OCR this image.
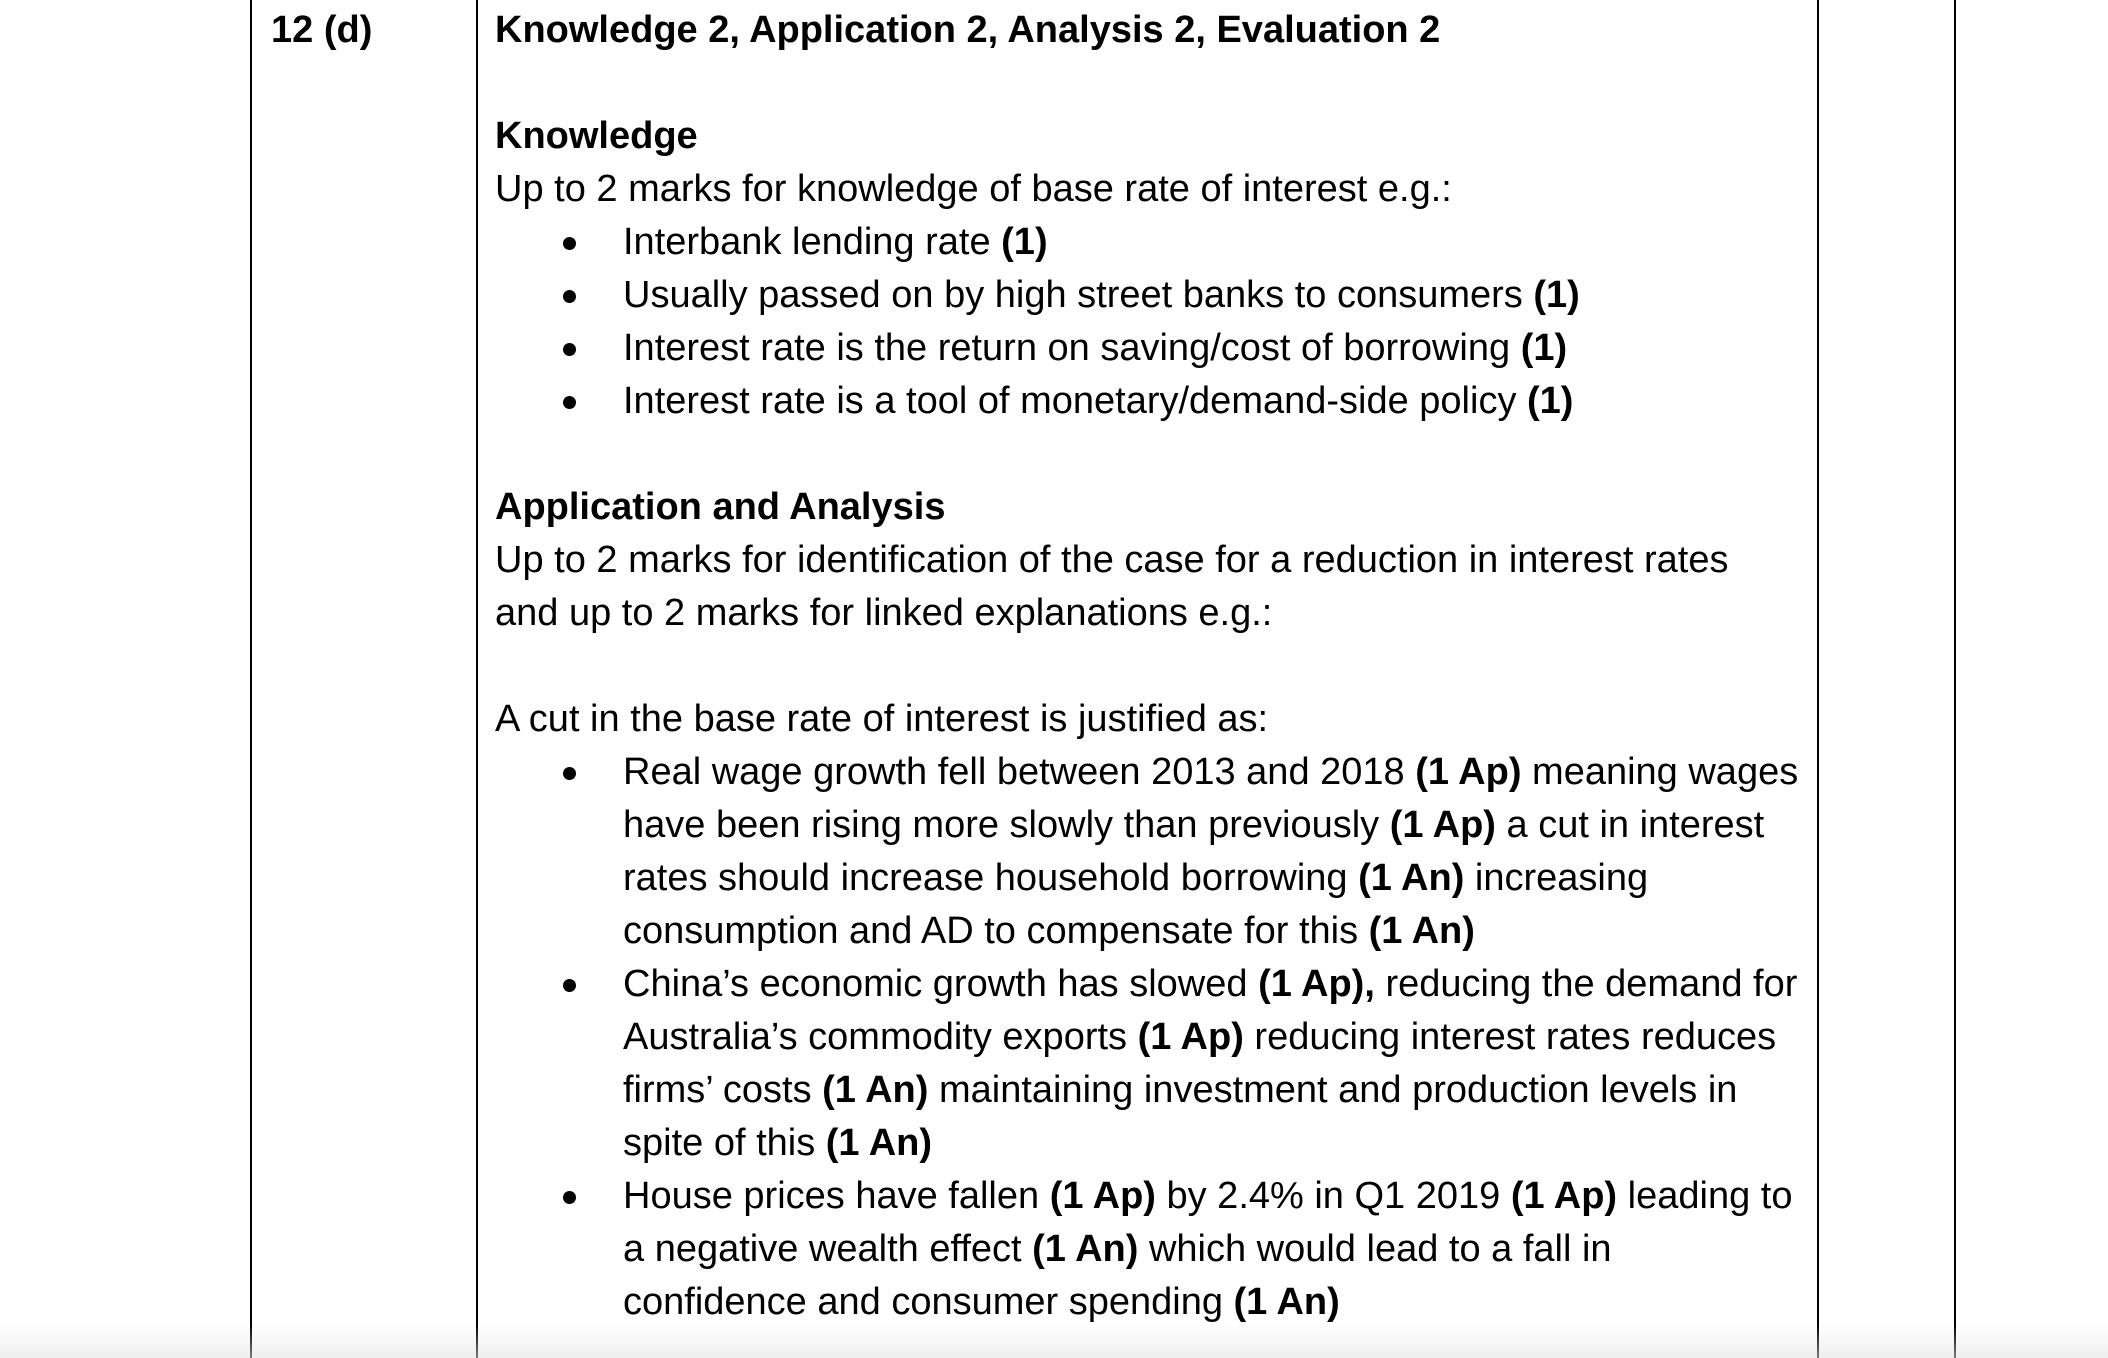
12 (d)	Knowledge 2, Application 2, Analysis 2, Evaluation 2

Knowledge

Up to 2 marks for knowledge of base rate of interest e.g.:

Interbank lending rate (1)
Usually passed on by high street banks to consumers (1)
Interest rate is the return on saving/cost of borrowing (1)
Interest rate is a tool of monetary/demand-side policy (1)

Application and Analysis

Up to 2 marks for identification of the case for a reduction in interest rates and up to 2 marks for linked explanations e.g.:

A cut in the base rate of interest is justified as:

Real wage growth fell between 2013 and 2018 (1 Ap) meaning wages have been rising more slowly than previously (1 Ap) a cut in interest rates should increase household borrowing (1 An) increasing consumption and AD to compensate for this (1 An)
China’s economic growth has slowed (1 Ap), reducing the demand for Australia’s commodity exports (1 Ap) reducing interest rates reduces firms’ costs (1 An) maintaining investment and production levels in spite of this (1 An)
House prices have fallen (1 Ap) by 2.4% in Q1 2019 (1 Ap) leading to a negative wealth effect (1 An) which would lead to a fall in confidence and consumer spending (1 An)
